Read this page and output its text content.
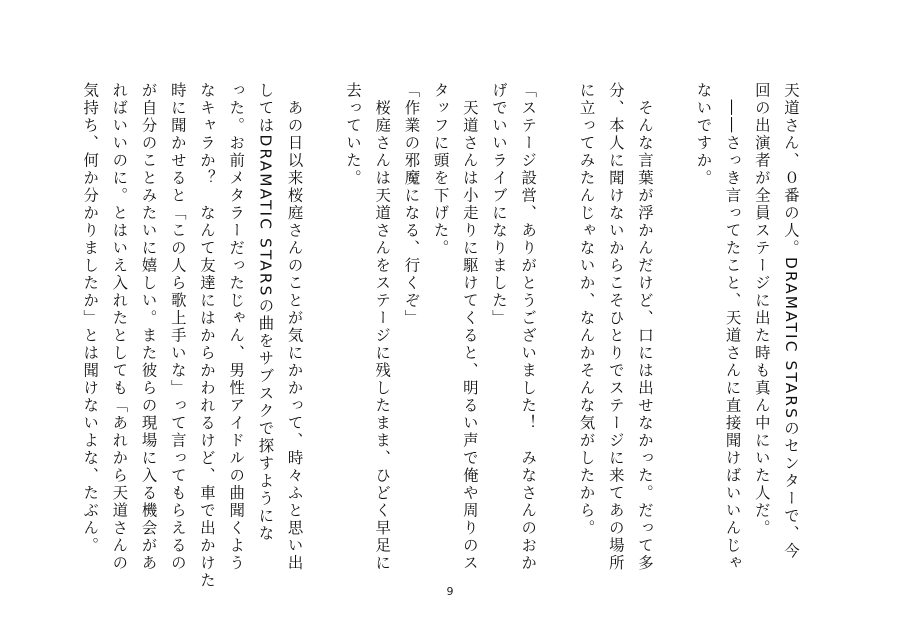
天道さん、０番の人。DRAMATIC STARSのセンターで、今
回の出演者が全員ステージに出た時も真ん中にいた人だ。
　――さっき言ってたこと、天道さんに直接聞けばいいんじゃ
ないですか。
　そんな言葉が浮かんだけど、口には出せなかった。だって多
分、本人に聞けないからこそひとりでステージに来てあの場所
に立ってみたんじゃないか、なんかそんな気がしたから。
「ステージ設営、ありがとうございました！　みなさんのおか
げでいいライブになりました」
　天道さんは小走りに駆けてくると、明るい声で俺や周りのス
タッフに頭を下げた。
「作業の邪魔になる、行くぞ」
　桜庭さんは天道さんをステージに残したまま、ひどく早足に
去っていた。
　あの日以来桜庭さんのことが気にかかって、時々ふと思い出
してはDRAMATIC STARSの曲をサブスクで探すようにな
った。お前メタラーだったじゃん、男性アイドルの曲聞くよう
なキャラか？　なんて友達にはからかわれるけど、車で出かけた
時に聞かせると「この人ら歌上手いな」って言ってもらえるの
が自分のことみたいに嬉しい。また彼らの現場に入る機会があ
ればいいのに。とはいえ入れたとしても「あれから天道さんの
気持ち、何か分かりましたか」とは聞けないよな、たぶん。
9
